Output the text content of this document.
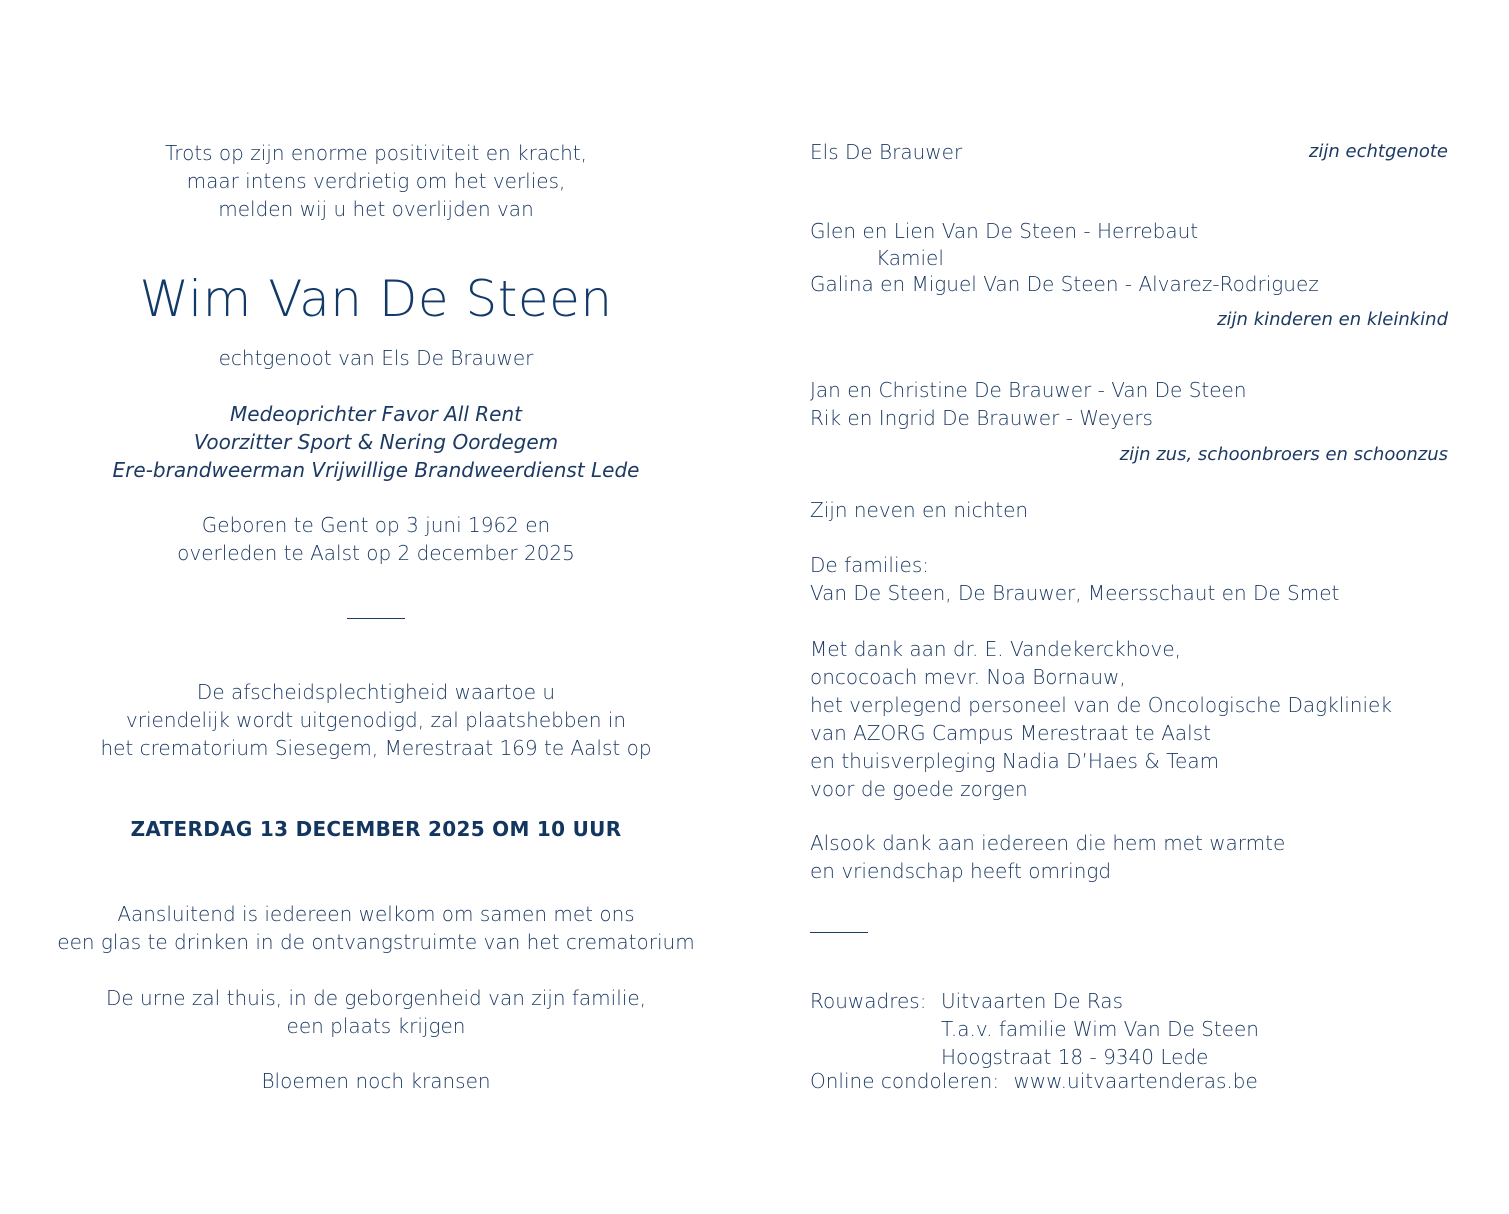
Trots op zijn enorme positiviteit en kracht,
maar intens verdrietig om het verlies,
melden wij u het overlijden van
Wim Van De Steen
echtgenoot van Els De Brauwer
Medeoprichter Favor All Rent
Voorzitter Sport & Nering Oordegem
Ere-brandweerman Vrijwillige Brandweerdienst Lede
Geboren te Gent op 3 juni 1962 en
overleden te Aalst op 2 december 2025
De afscheidsplechtigheid waartoe u
vriendelijk wordt uitgenodigd, zal plaatshebben in
het crematorium Siesegem, Merestraat 169 te Aalst op
ZATERDAG 13 DECEMBER 2025 OM 10 UUR
Aansluitend is iedereen welkom om samen met ons
een glas te drinken in de ontvangstruimte van het crematorium
De urne zal thuis, in de geborgenheid van zijn familie,
een plaats krijgen
Bloemen noch kransen
Els De Brauwer	zijn echtgenote
Glen en Lien Van De Steen - Herrebaut
Kamiel
Galina en Miguel Van De Steen - Alvarez-Rodriguez
zijn kinderen en kleinkind
Jan en Christine De Brauwer - Van De Steen
Rik en Ingrid De Brauwer - Weyers
zijn zus, schoonbroers en schoonzus
Zijn neven en nichten
De families:
Van De Steen, De Brauwer, Meersschaut en De Smet
Met dank aan dr. E. Vandekerckhove,
oncocoach mevr. Noa Bornauw,
het verplegend personeel van de Oncologische Dagkliniek
van AZORG Campus Merestraat te Aalst
en thuisverpleging Nadia D’Haes & Team
voor de goede zorgen
Alsook dank aan iedereen die hem met warmte
en vriendschap heeft omringd
Rouwadres: Uitvaarten De Ras
T.a.v. familie Wim Van De Steen
Hoogstraat 18 - 9340 Lede
Online condoleren: www.uitvaartenderas.be
